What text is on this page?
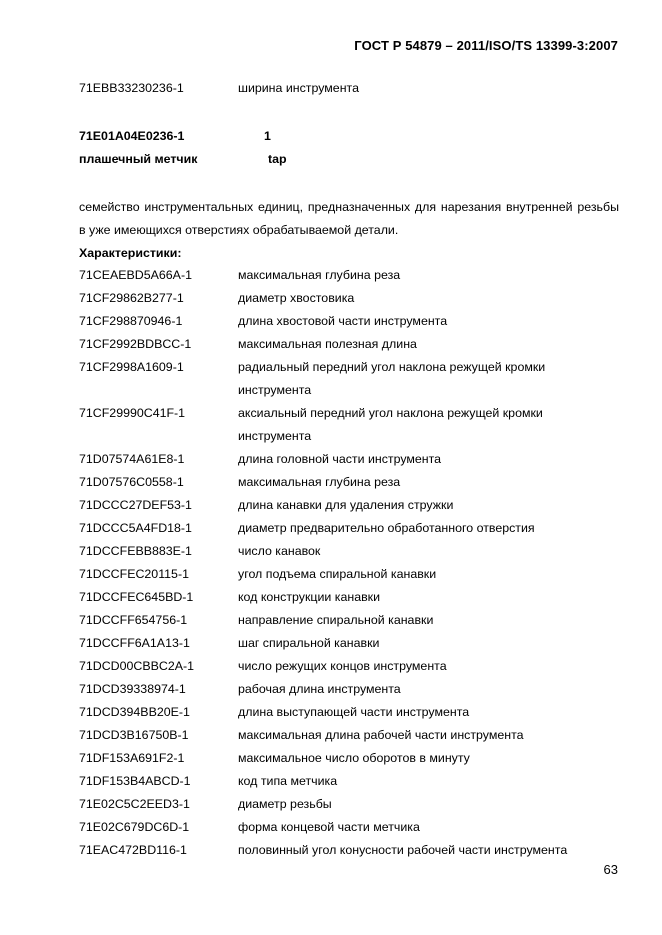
ГОСТ Р 54879 – 2011/ISO/TS 13399-3:2007
71EBB33230236-1	ширина инструмента
71E01A04E0236-1	1
плашечный метчик	tap
семейство инструментальных единиц, предназначенных для нарезания внутренней резьбы в уже имеющихся отверстиях обрабатываемой детали.
Характеристики:
71CEAEBD5A66A-1	максимальная глубина реза
71CF29862B277-1	диаметр хвостовика
71CF298870946-1	длина хвостовой части инструмента
71CF2992BDBCC-1	максимальная полезная длина
71CF2998A1609-1	радиальный передний угол наклона режущей кромки инструмента
71CF29990C41F-1	аксиальный передний угол наклона режущей кромки инструмента
71D07574A61E8-1	длина головной части инструмента
71D07576C0558-1	максимальная глубина реза
71DCCC27DEF53-1	длина канавки для удаления стружки
71DCCC5A4FD18-1	диаметр предварительно обработанного отверстия
71DCCFEBB883E-1	число канавок
71DCCFEC20115-1	угол подъема спиральной канавки
71DCCFEC645BD-1	код конструкции канавки
71DCCFF654756-1	направление спиральной канавки
71DCCFF6A1A13-1	шаг спиральной канавки
71DCD00CBBC2A-1	число режущих концов инструмента
71DCD39338974-1	рабочая длина инструмента
71DCD394BB20E-1	длина выступающей части инструмента
71DCD3B16750B-1	максимальная длина рабочей части инструмента
71DF153A691F2-1	максимальное число оборотов в минуту
71DF153B4ABCD-1	код типа метчика
71E02C5C2EED3-1	диаметр резьбы
71E02C679DC6D-1	форма концевой части метчика
71EAC472BD116-1	половинный угол конусности рабочей части инструмента
63
